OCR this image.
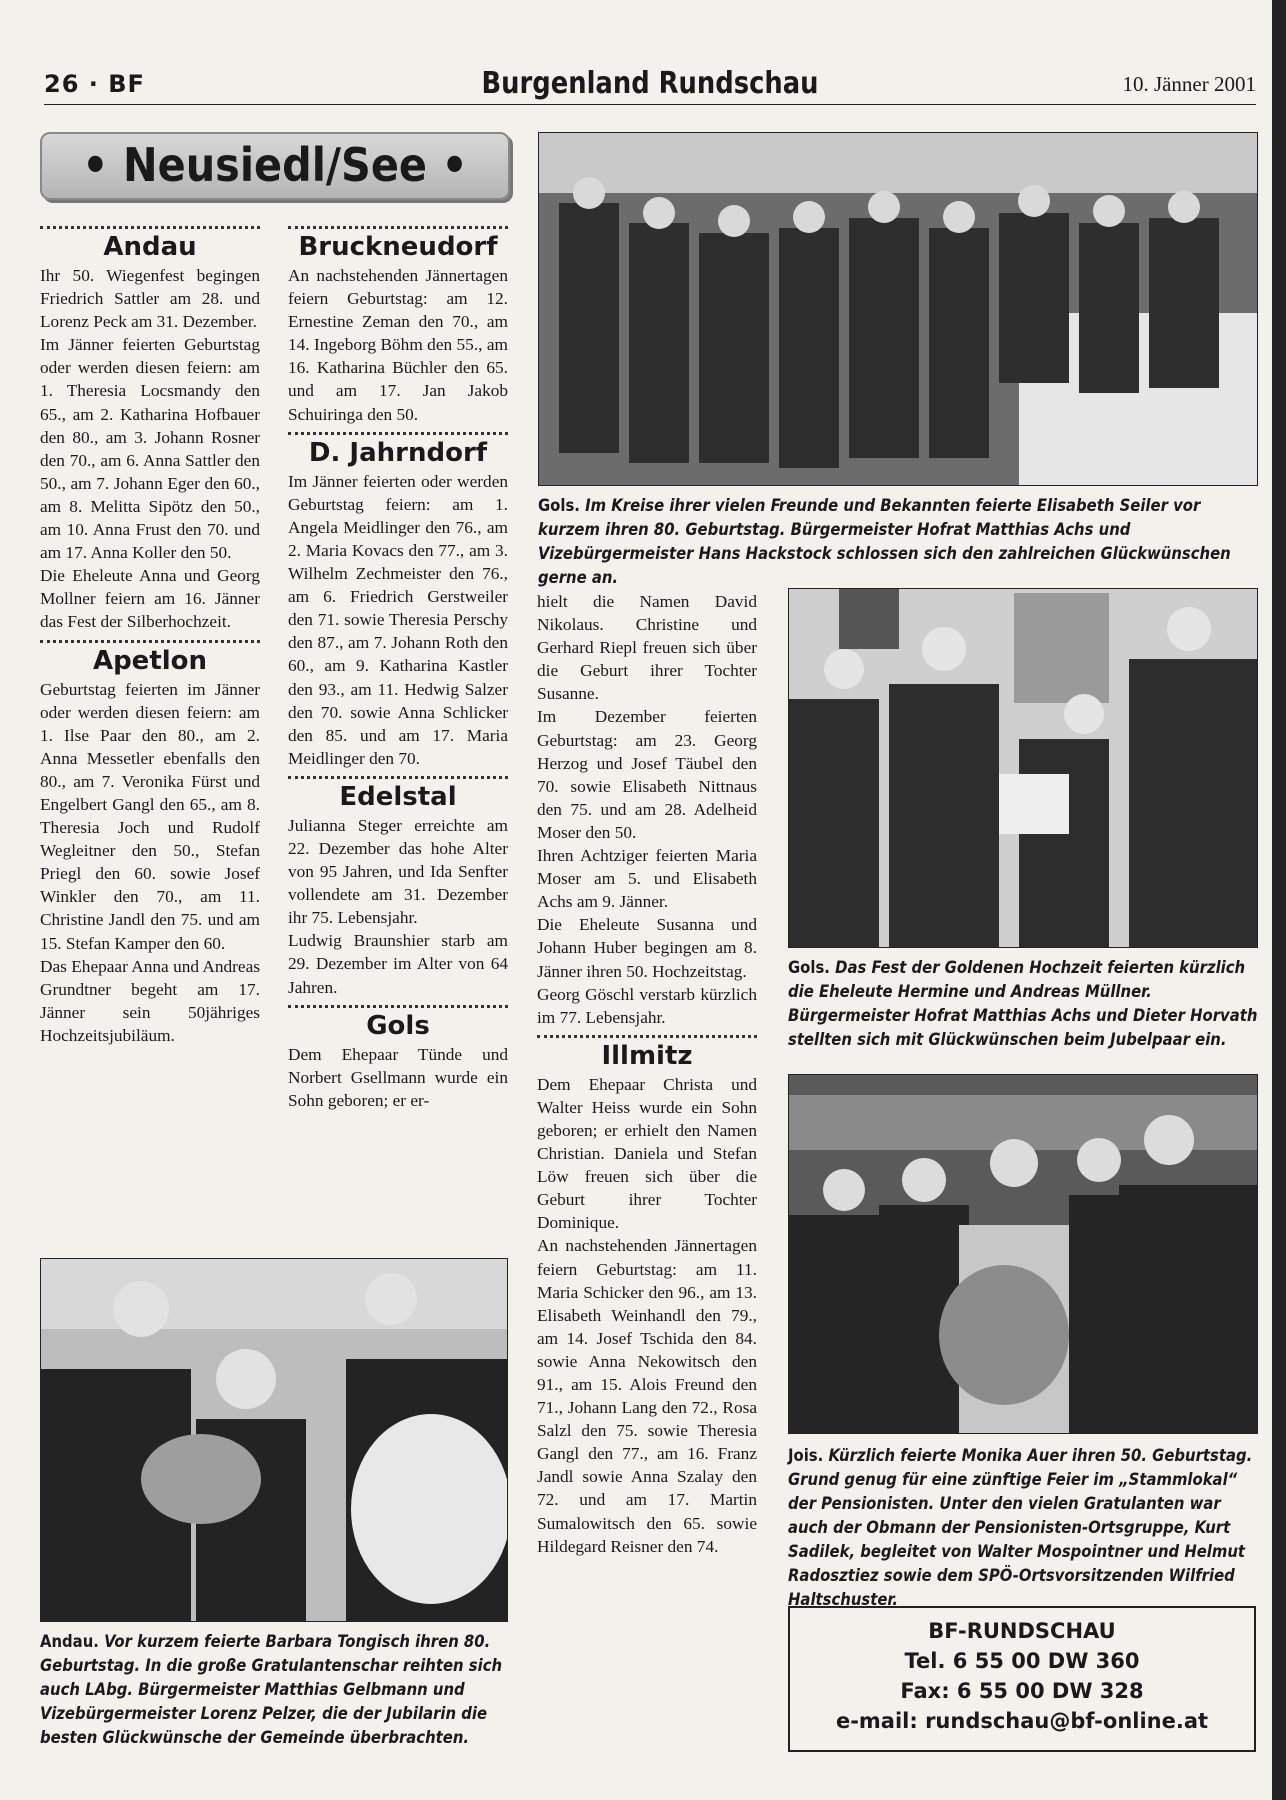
26 · BF	Burgenland Rundschau	10. Jänner 2001
• Neusiedl/See •
Andau

Ihr 50. Wiegenfest begingen Friedrich Sattler am 28. und Lorenz Peck am 31. Dezember.

Im Jänner feierten Geburtstag oder werden diesen feiern: am 1. Theresia Locsmandy den 65., am 2. Katharina Hofbauer den 80., am 3. Johann Rosner den 70., am 6. Anna Sattler den 50., am 7. Johann Eger den 60., am 8. Melitta Sipötz den 50., am 10. Anna Frust den 70. und am 17. Anna Koller den 50.

Die Eheleute Anna und Georg Mollner feiern am 16. Jänner das Fest der Silberhochzeit.

Apetlon

Geburtstag feierten im Jänner oder werden diesen feiern: am 1. Ilse Paar den 80., am 2. Anna Messetler ebenfalls den 80., am 7. Veronika Fürst und Engelbert Gangl den 65., am 8. Theresia Joch und Rudolf Wegleitner den 50., Stefan Priegl den 60. sowie Josef Winkler den 70., am 11. Christine Jandl den 75. und am 15. Stefan Kamper den 60.

Das Ehepaar Anna und Andreas Grundtner begeht am 17. Jänner sein 50jähriges Hochzeitsjubiläum.

Bruckneudorf

An nachstehenden Jännertagen feiern Geburtstag: am 12. Ernestine Zeman den 70., am 14. Ingeborg Böhm den 55., am 16. Katharina Büchler den 65. und am 17. Jan Jakob Schuiringa den 50.

D. Jahrndorf

Im Jänner feierten oder werden Geburtstag feiern: am 1. Angela Meidlinger den 76., am 2. Maria Kovacs den 77., am 3. Wilhelm Zechmeister den 76., am 6. Friedrich Gerstweiler den 71. sowie Theresia Perschy den 87., am 7. Johann Roth den 60., am 9. Katharina Kastler den 93., am 11. Hedwig Salzer den 70. sowie Anna Schlicker den 85. und am 17. Maria Meidlinger den 70.

Edelstal

Julianna Steger erreichte am 22. Dezember das hohe Alter von 95 Jahren, und Ida Senfter vollendete am 31. Dezember ihr 75. Lebensjahr.

Ludwig Braunshier starb am 29. Dezember im Alter von 64 Jahren.

Gols

Dem Ehepaar Tünde und Norbert Gsellmann wurde ein Sohn geboren; er er-

hielt die Namen David Nikolaus. Christine und Gerhard Riepl freuen sich über die Geburt ihrer Tochter Susanne.

Im Dezember feierten Geburtstag: am 23. Georg Herzog und Josef Täubel den 70. sowie Elisabeth Nittnaus den 75. und am 28. Adelheid Moser den 50.

Ihren Achtziger feierten Maria Moser am 5. und Elisabeth Achs am 9. Jänner.

Die Eheleute Susanna und Johann Huber begingen am 8. Jänner ihren 50. Hochzeitstag.

Georg Göschl verstarb kürzlich im 77. Lebensjahr.

Illmitz

Dem Ehepaar Christa und Walter Heiss wurde ein Sohn geboren; er erhielt den Namen Christian. Daniela und Stefan Löw freuen sich über die Geburt ihrer Tochter Dominique.

An nachstehenden Jännertagen feiern Geburtstag: am 11. Maria Schicker den 96., am 13. Elisabeth Weinhandl den 79., am 14. Josef Tschida den 84. sowie Anna Nekowitsch den 91., am 15. Alois Freund den 71., Johann Lang den 72., Rosa Salzl den 75. sowie Theresia Gangl den 77., am 16. Franz Jandl sowie Anna Szalay den 72. und am 17. Martin Sumalowitsch den 65. sowie Hildegard Reisner den 74.

Gols. Im Kreise ihrer vielen Freunde und Bekannten feierte Elisabeth Seiler vor kurzem ihren 80. Geburtstag. Bürgermeister Hofrat Matthias Achs und Vizebürgermeister Hans Hackstock schlossen sich den zahlreichen Glückwünschen gerne an.
Gols. Das Fest der Goldenen Hochzeit feierten kürzlich die Eheleute Hermine und Andreas Müllner. Bürgermeister Hofrat Matthias Achs und Dieter Horvath stellten sich mit Glückwünschen beim Jubelpaar ein.
Jois. Kürzlich feierte Monika Auer ihren 50. Geburtstag. Grund genug für eine zünftige Feier im „Stammlokal“ der Pensionisten. Unter den vielen Gratulanten war auch der Obmann der Pensionisten-Ortsgruppe, Kurt Sadilek, begleitet von Walter Mospointner und Helmut Radosztiez sowie dem SPÖ-Ortsvorsitzenden Wilfried Haltschuster.
Andau. Vor kurzem feierte Barbara Tongisch ihren 80. Geburtstag. In die große Gratulantenschar reihten sich auch LAbg. Bürgermeister Matthias Gelbmann und Vizebürgermeister Lorenz Pelzer, die der Jubilarin die besten Glückwünsche der Gemeinde überbrachten.
BF-RUNDSCHAU
Tel. 6 55 00 DW 360
Fax: 6 55 00 DW 328
e-mail: rundschau@bf-online.at
